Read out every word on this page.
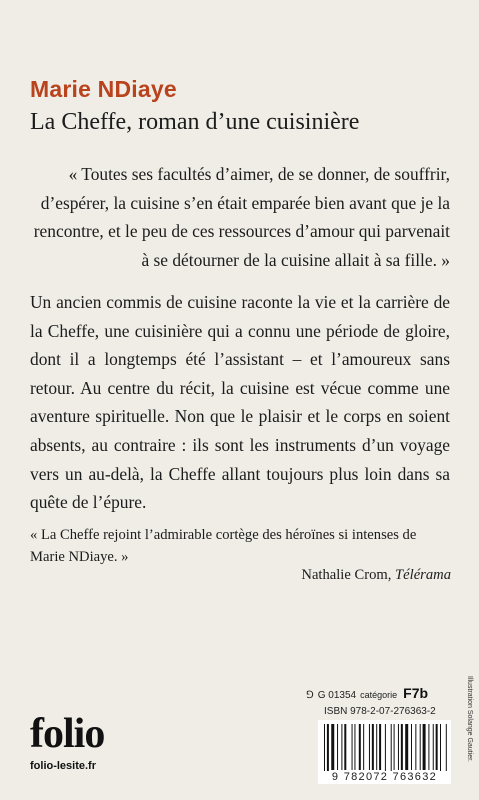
Marie NDiaye
La Cheffe, roman d’une cuisinière
« Toutes ses facultés d’aimer, de se donner, de souffrir, d’espérer, la cuisine s’en était emparée bien avant que je la rencontre, et le peu de ces ressources d’amour qui parvenait à se détourner de la cuisine allait à sa fille. »
Un ancien commis de cuisine raconte la vie et la carrière de la Cheffe, une cuisinière qui a connu une période de gloire, dont il a longtemps été l’assistant – et l’amoureux sans retour. Au centre du récit, la cuisine est vécue comme une aventure spirituelle. Non que le plaisir et le corps en soient absents, au contraire : ils sont les instruments d’un voyage vers un au-delà, la Cheffe allant toujours plus loin dans sa quête de l’épure.
« La Cheffe rejoint l’admirable cortège des héroïnes si intenses de Marie NDiaye. »
Nathalie Crom, Télérama
folio
folio-lesite.fr
⅁ G 01354 catégorie F7b
ISBN 978-2-07-276363-2
9 782072 763632
Illustration Solange Gautier.
